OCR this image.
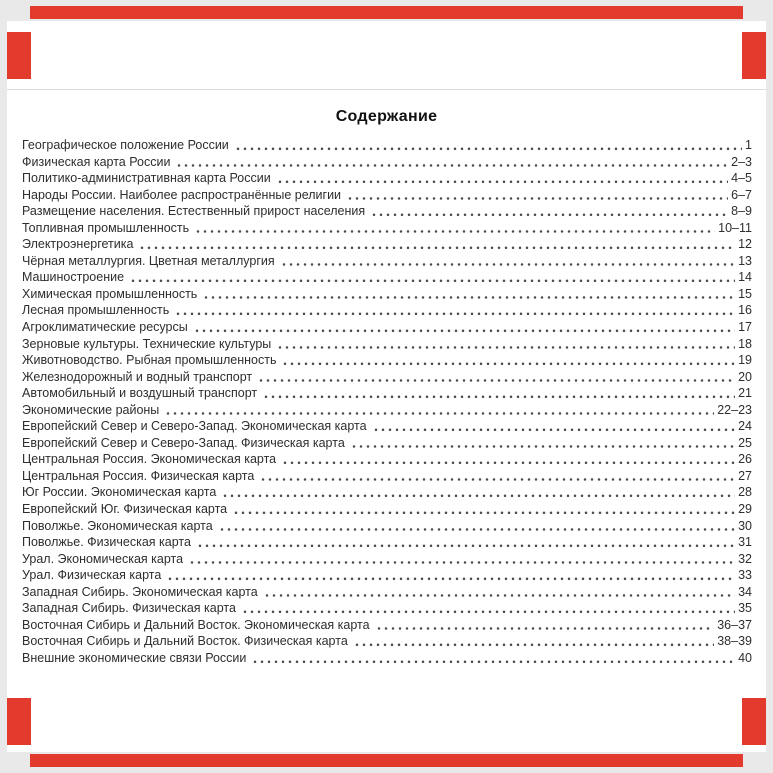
Содержание
Географическое положение России	1
Физическая карта России	2–3
Политико-административная карта России	4–5
Народы России. Наиболее распространённые религии	6–7
Размещение населения. Естественный прирост населения	8–9
Топливная промышленность	10–11
Электроэнергетика	12
Чёрная металлургия. Цветная металлургия	13
Машиностроение	14
Химическая промышленность	15
Лесная промышленность	16
Агроклиматические ресурсы	17
Зерновые культуры. Технические культуры	18
Животноводство. Рыбная промышленность	19
Железнодорожный и водный транспорт	20
Автомобильный и воздушный транспорт	21
Экономические районы	22–23
Европейский Север и Северо-Запад. Экономическая карта	24
Европейский Север и Северо-Запад. Физическая карта	25
Центральная Россия. Экономическая карта	26
Центральная Россия. Физическая карта	27
Юг России. Экономическая карта	28
Европейский Юг. Физическая карта	29
Поволжье. Экономическая карта	30
Поволжье. Физическая карта	31
Урал. Экономическая карта	32
Урал. Физическая карта	33
Западная Сибирь. Экономическая карта	34
Западная Сибирь. Физическая карта	35
Восточная Сибирь и Дальний Восток. Экономическая карта	36–37
Восточная Сибирь и Дальний Восток. Физическая карта	38–39
Внешние экономические связи России	40
